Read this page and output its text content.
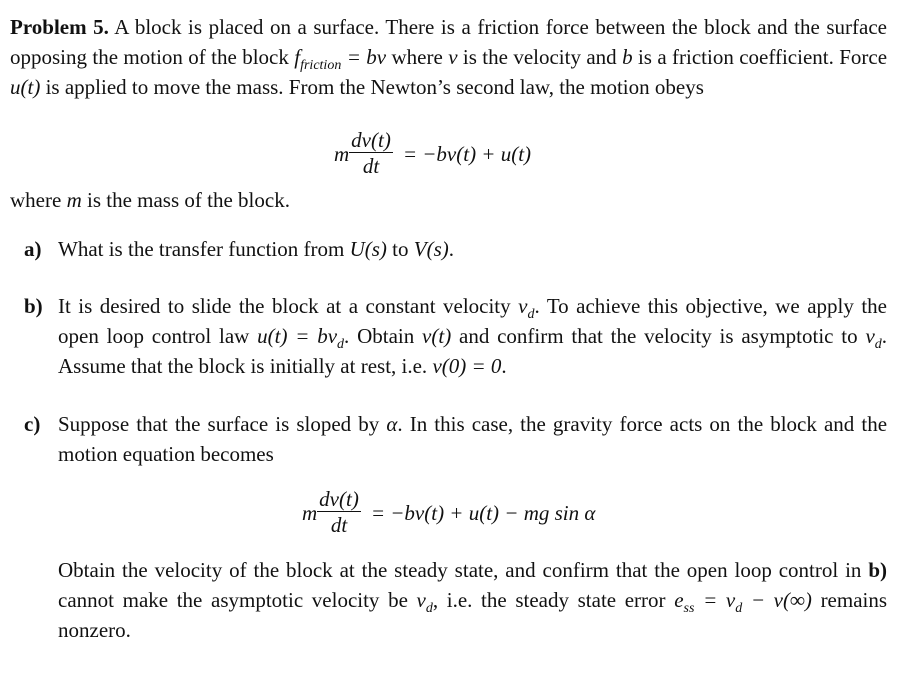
Problem 5. A block is placed on a surface. There is a friction force between the block and the surface opposing the motion of the block $f_{friction}$ = bv where v is the velocity and b is a friction coefficient. Force u(t) is applied to move the mass. From the Newton’s second law, the motion obeys
m $\frac{dv(t)}{dt} = -bv(t) + u(t)$
where m is the mass of the block.
a) What is the transfer function from U(s) to V(s).
b) It is desired to slide the block at a constant velocity $v_d$. To achieve this objective, we apply the open loop control law $u(t) = bv_d$. Obtain v(t) and confirm that the velocity is asymptotic to $v_d$. Assume that the block is initially at rest, i.e. v(0) = 0.
c) Suppose that the surface is sloped by α. In this case, the gravity force acts on the block and the motion equation becomes
m $\frac{dv(t)}{dt} = -bv(t) + u(t)$ − mg sin α
Obtain the velocity of the block at the steady state, and confirm that the open loop control in b) cannot make the asymptotic velocity be $v_d$, i.e. the steady state error $e_{ss} = v_d - v(\infty)$ remains nonzero.
